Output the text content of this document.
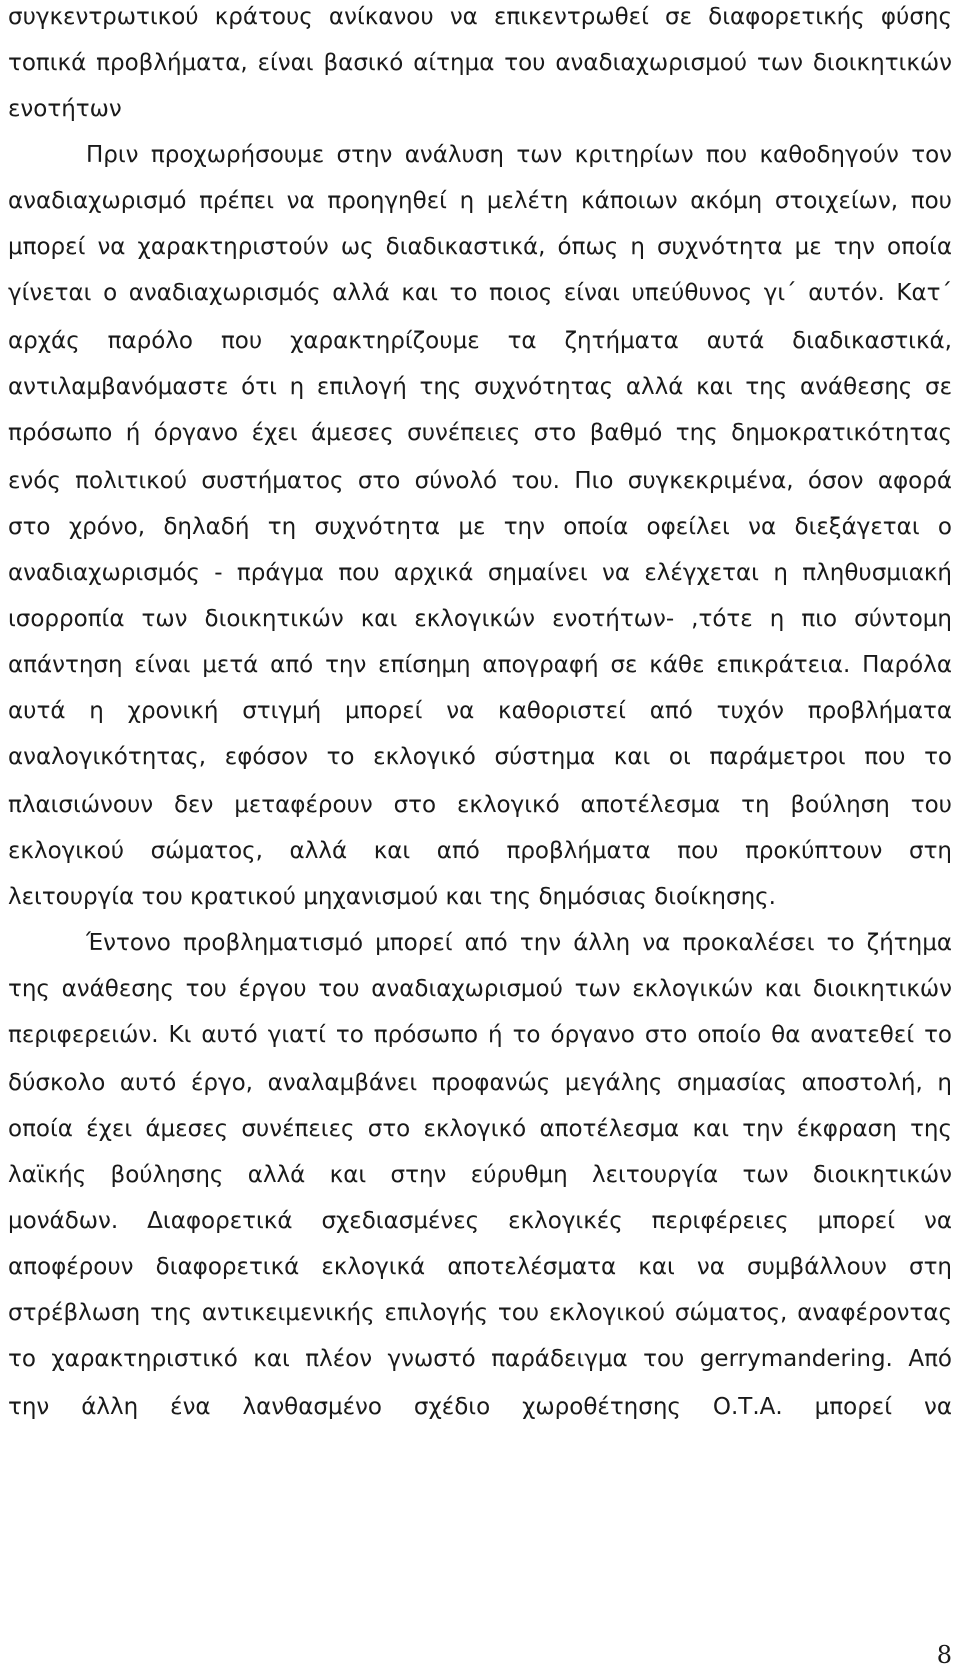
συγκεντρωτικού κράτους ανίκανου να επικεντρωθεί σε διαφορετικής φύσης
τοπικά προβλήματα, είναι βασικό αίτημα του αναδιαχωρισμού των διοικητικών
ενοτήτων
Πριν προχωρήσουμε στην ανάλυση των κριτηρίων που καθοδηγούν τον
αναδιαχωρισμό πρέπει να προηγηθεί η μελέτη κάποιων ακόμη στοιχείων, που
μπορεί να χαρακτηριστούν ως διαδικαστικά, όπως η συχνότητα με την οποία
γίνεται ο αναδιαχωρισμός αλλά και το ποιος είναι υπεύθυνος γι΄ αυτόν. Κατ΄
αρχάς παρόλο που χαρακτηρίζουμε τα ζητήματα αυτά διαδικαστικά,
αντιλαμβανόμαστε ότι η επιλογή της συχνότητας αλλά και της ανάθεσης σε
πρόσωπο ή όργανο έχει άμεσες συνέπειες στο βαθμό της δημοκρατικότητας
ενός πολιτικού συστήματος στο σύνολό του. Πιο συγκεκριμένα, όσον αφορά
στο χρόνο, δηλαδή τη συχνότητα με την οποία οφείλει να διεξάγεται ο
αναδιαχωρισμός - πράγμα που αρχικά σημαίνει να ελέγχεται η πληθυσμιακή
ισορροπία των διοικητικών και εκλογικών ενοτήτων- ,τότε η πιο σύντομη
απάντηση είναι μετά από την επίσημη απογραφή σε κάθε επικράτεια. Παρόλα
αυτά η χρονική στιγμή μπορεί να καθοριστεί από τυχόν προβλήματα
αναλογικότητας, εφόσον το εκλογικό σύστημα και οι παράμετροι που το
πλαισιώνουν δεν μεταφέρουν στο εκλογικό αποτέλεσμα τη βούληση του
εκλογικού σώματος, αλλά και από προβλήματα που προκύπτουν στη
λειτουργία του κρατικού μηχανισμού και της δημόσιας διοίκησης.
Έντονο προβληματισμό μπορεί από την άλλη να προκαλέσει το ζήτημα
της ανάθεσης του έργου του αναδιαχωρισμού των εκλογικών και διοικητικών
περιφερειών. Κι αυτό γιατί το πρόσωπο ή το όργανο στο οποίο θα ανατεθεί το
δύσκολο αυτό έργο, αναλαμβάνει προφανώς μεγάλης σημασίας αποστολή, η
οποία έχει άμεσες συνέπειες στο εκλογικό αποτέλεσμα και την έκφραση της
λαϊκής βούλησης αλλά και στην εύρυθμη λειτουργία των διοικητικών
μονάδων. Διαφορετικά σχεδιασμένες εκλογικές περιφέρειες μπορεί να
αποφέρουν διαφορετικά εκλογικά αποτελέσματα και να συμβάλλουν στη
στρέβλωση της αντικειμενικής επιλογής του εκλογικού σώματος, αναφέροντας
το χαρακτηριστικό και πλέον γνωστό παράδειγμα του gerrymandering. Από
την άλλη ένα λανθασμένο σχέδιο χωροθέτησης Ο.Τ.Α. μπορεί να
8
